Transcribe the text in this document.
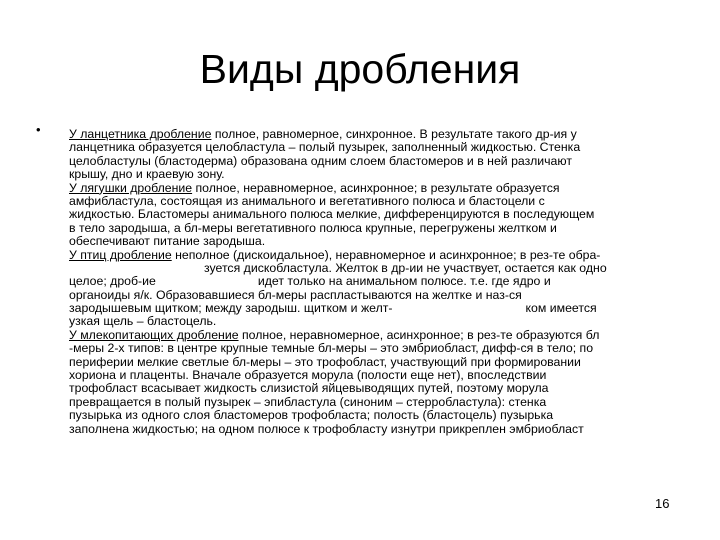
Виды дробления
• У ланцетника дробление полное, равномерное, синхронное. В результате такого др-ия у
ланцетника образуется целобластула – полый пузырек, заполненный жидкостью. Стенка
целобластулы (бластодерма) образована одним слоем бластомеров и в ней различают
крышу, дно и краевую зону.
У лягушки дробление полное, неравномерное, асинхронное; в результате образуется
амфибластула, состоящая из анимального и вегетативного полюса и бластоцели с
жидкостью. Бластомеры анимального полюса мелкие, дифференцируются в последующем
в тело зародыша, а бл-меры вегетативного полюса крупные, перегружены желтком и
обеспечивают питание зародыша.
У птиц дробление неполное (дискоидальное), неравномерное и асинхронное; в рез-те обра-
зуется дискобластула. Желток в др-ии не участвует, остается как одно
целое; дроб-ие	идет только на анимальном полюсе. т.е. где ядро и
органоиды я/к. Образовавшиеся бл-меры распластываются на желтке и наз-ся
зародышевым щитком; между зародыш. щитком и желт-	ком имеется
узкая щель – бластоцель.
У млекопитающих дробление полное, неравномерное, асинхронное; в рез-те образуются бл
-меры 2-х типов: в центре крупные темные бл-меры – это эмбриобласт, дифф-ся в тело; по
периферии мелкие светлые бл-меры – это трофобласт, участвующий при формировании
хориона и плаценты. Вначале образуется морула (полости еще нет), впоследствии
трофобласт всасывает жидкость слизистой яйцевыводящих путей, поэтому морула
превращается в полый пузырек – эпибластула (синоним – стерробластула): стенка
пузырька из одного слоя бластомеров трофобласта; полость (бластоцель) пузырька
заполнена жидкостью; на одном полюсе к трофобласту изнутри прикреплен эмбриобласт
16
